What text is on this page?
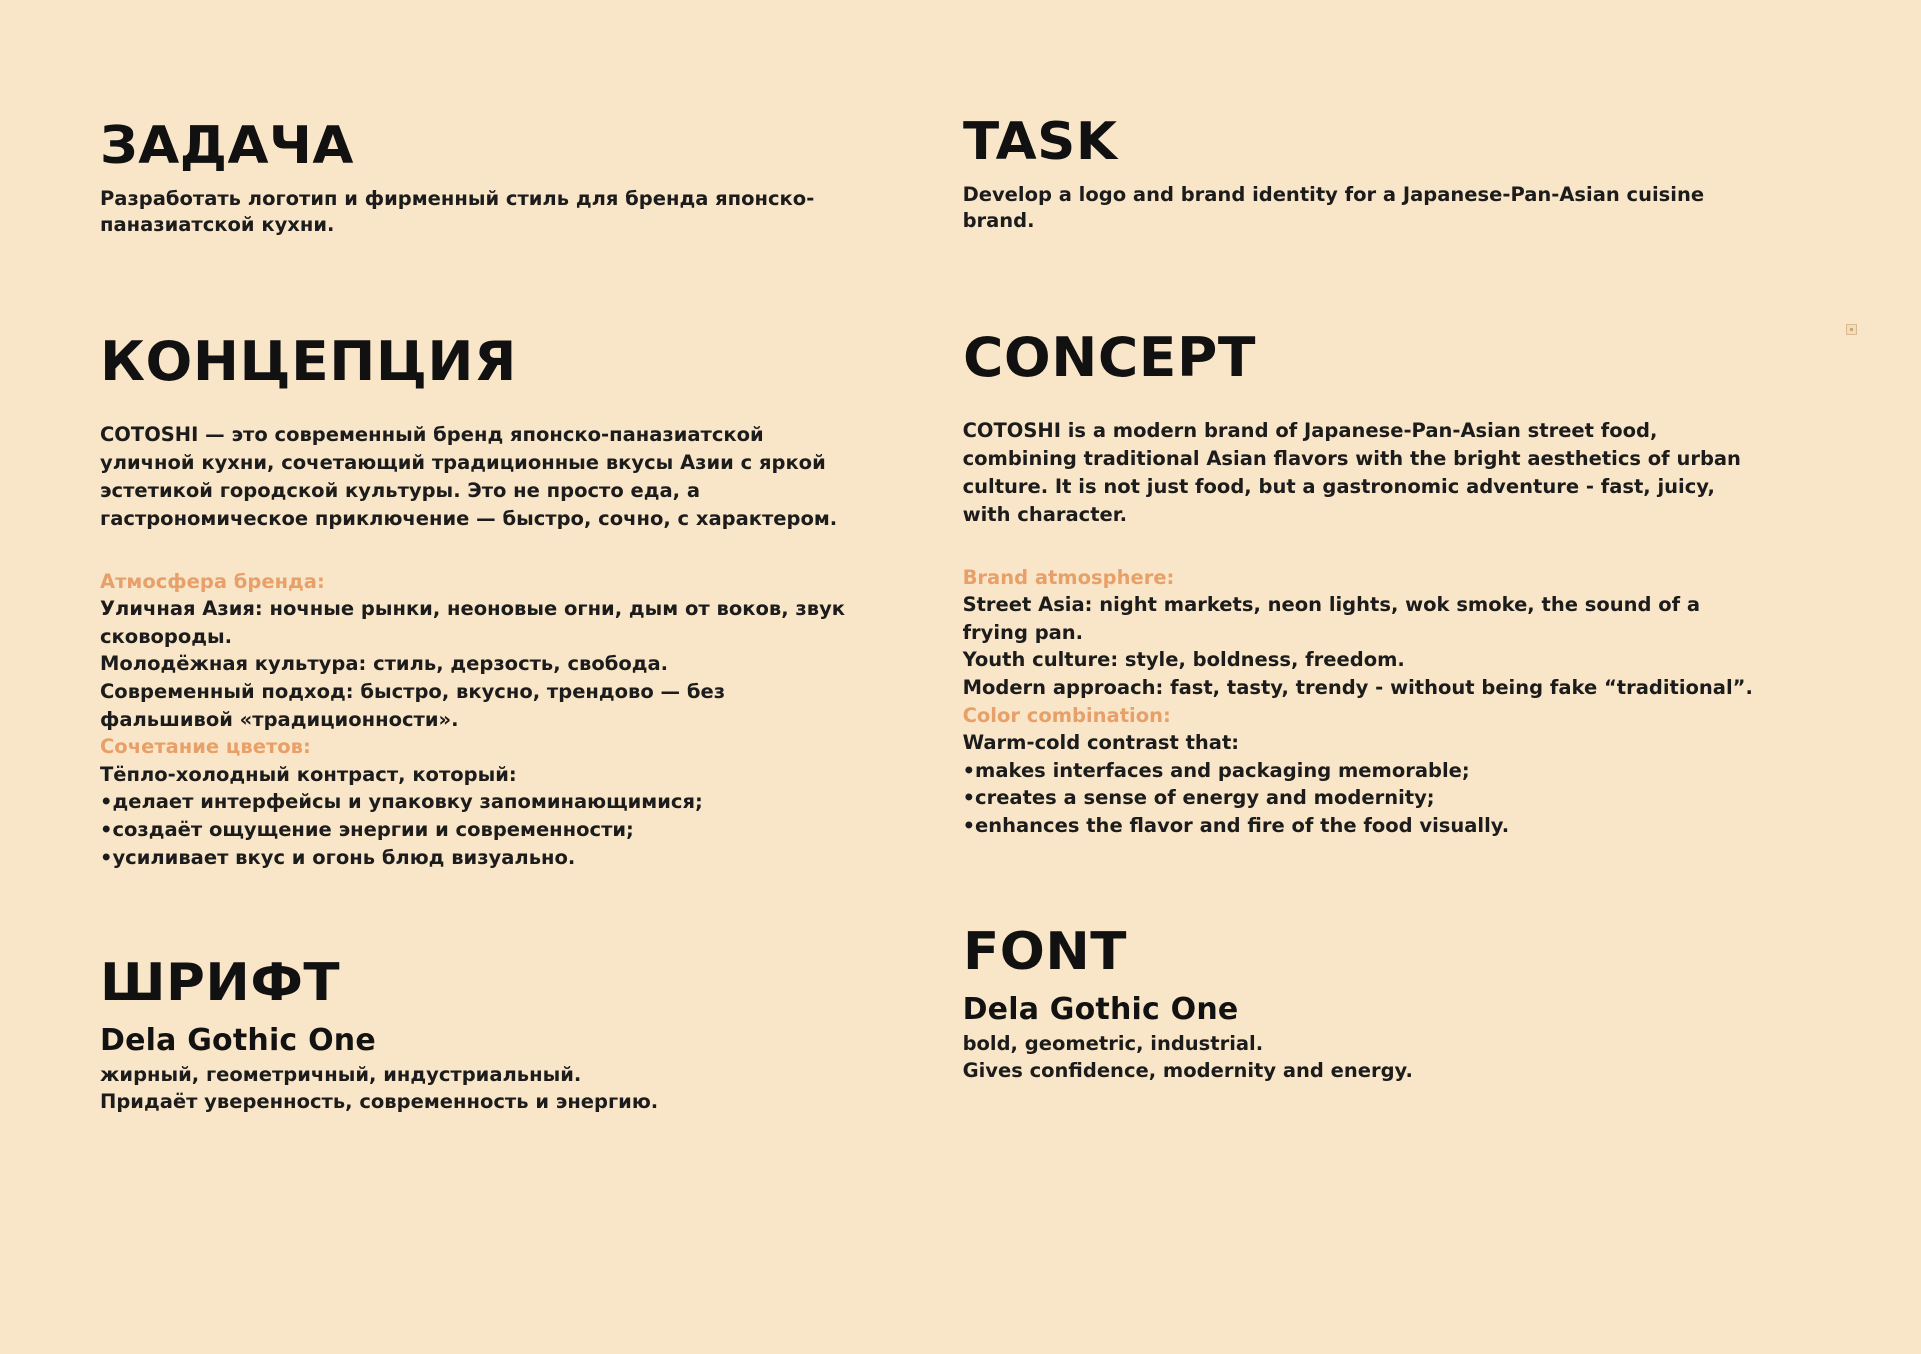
ЗАДАЧА

Разработать логотип и фирменный стиль для бренда японско-паназиатской кухни.

КОНЦЕПЦИЯ

COTOSHI — это современный бренд японско-паназиатской уличной кухни, сочетающий традиционные вкусы Азии с яркой эстетикой городской культуры. Это не просто еда, а гастрономическое приключение — быстро, сочно, с характером.

Атмосфера бренда:

Уличная Азия: ночные рынки, неоновые огни, дым от воков, звук сковороды.

Молодёжная культура: стиль, дерзость, свобода.

Современный подход: быстро, вкусно, трендово — без фальшивой «традиционности».

Сочетание цветов:

Тёпло-холодный контраст, который:

•делает интерфейсы и упаковку запоминающимися;

•создаёт ощущение энергии и современности;

•усиливает вкус и огонь блюд визуально.

ШРИФТ

Dela Gothic One

жирный, геометричный, индустриальный.

Придаёт уверенность, современность и энергию.

TASK

Develop a logo and brand identity for a Japanese-Pan-Asian cuisine brand.

CONCEPT

COTOSHI is a modern brand of Japanese-Pan-Asian street food, combining traditional Asian flavors with the bright aesthetics of urban culture. It is not just food, but a gastronomic adventure - fast, juicy, with character.

Brand atmosphere:

Street Asia: night markets, neon lights, wok smoke, the sound of a frying pan.

Youth culture: style, boldness, freedom.

Modern approach: fast, tasty, trendy - without being fake “traditional”.

Color combination:

Warm-cold contrast that:

•makes interfaces and packaging memorable;

•creates a sense of energy and modernity;

•enhances the flavor and fire of the food visually.

FONT

Dela Gothic One

bold, geometric, industrial.

Gives confidence, modernity and energy.
